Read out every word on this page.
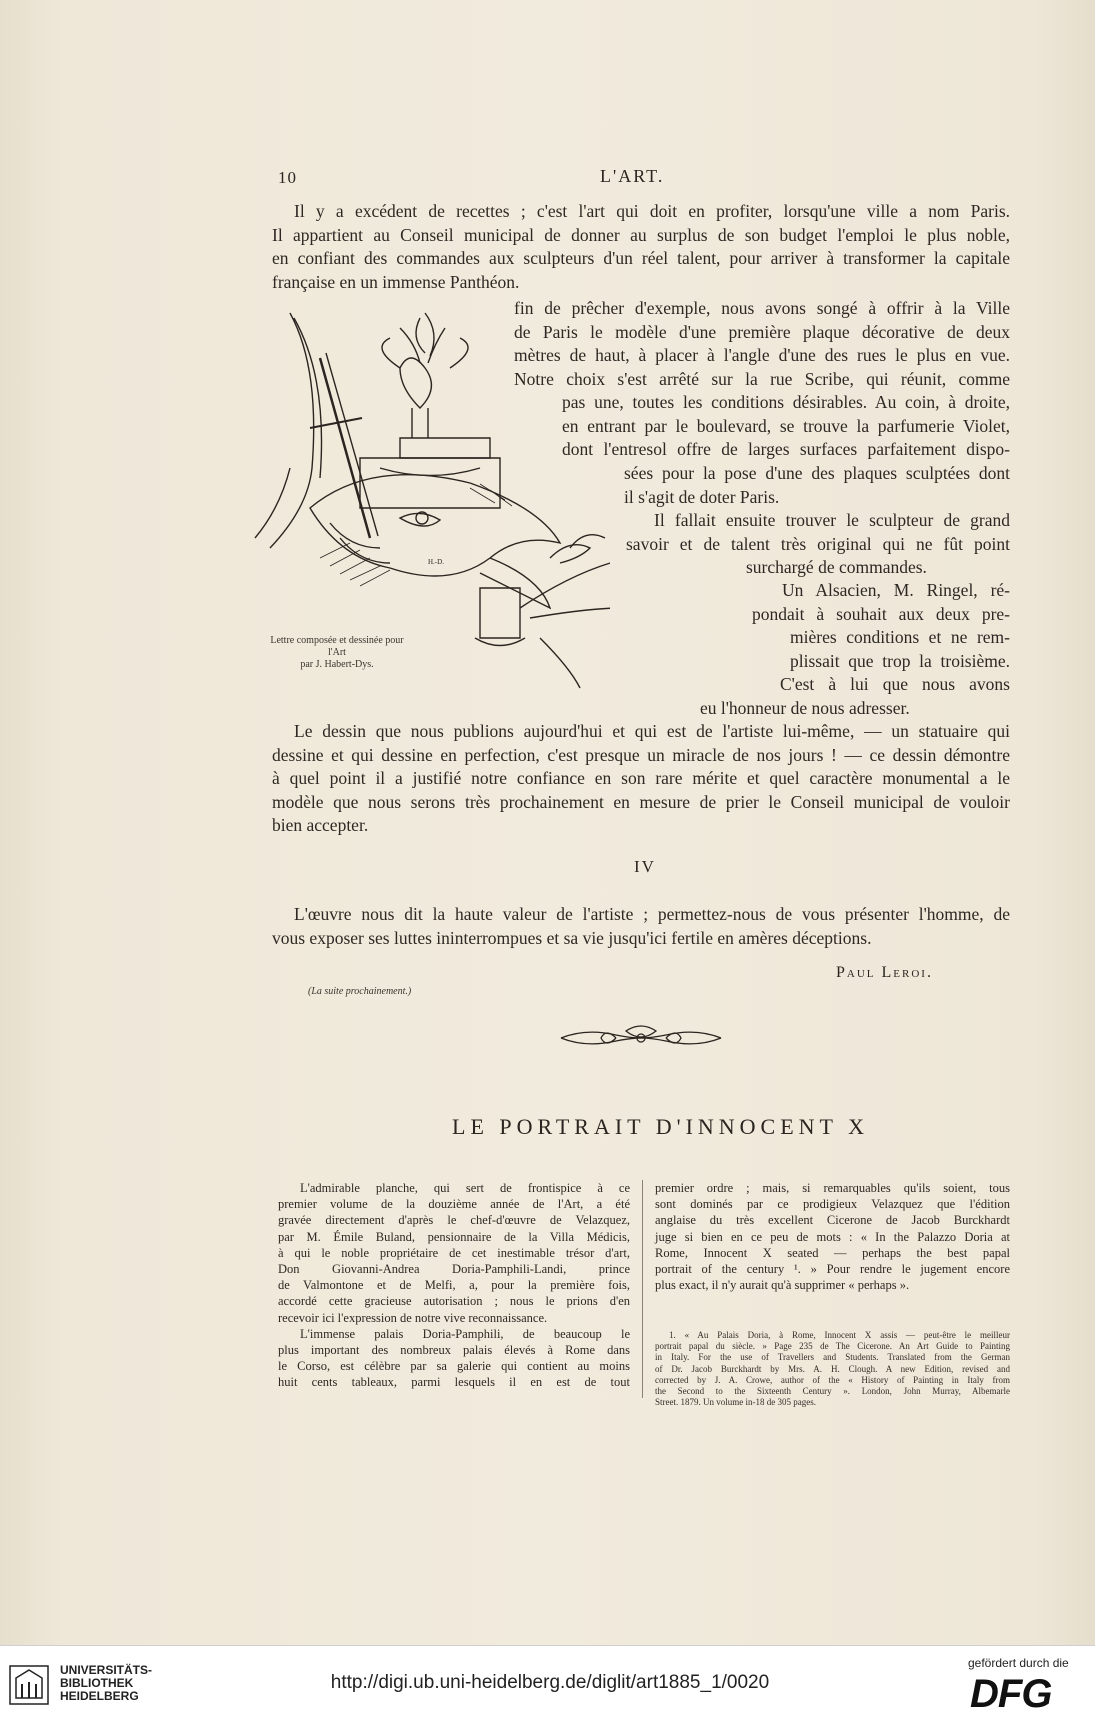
10	L'ART.
Il y a excédent de recettes ; c'est l'art qui doit en profiter, lorsqu'une ville a nom Paris.
Il appartient au Conseil municipal de donner au surplus de son budget l'emploi le plus noble,
en confiant des commandes aux sculpteurs d'un réel talent, pour arriver à transformer la capitale
française en un immense Panthéon.
H.-D.
Lettre composée et dessinée pour l'Art
par J. Habert-Dys.
fin de prêcher d'exemple, nous avons songé à offrir à la Ville
de Paris le modèle d'une première plaque décorative de deux
mètres de haut, à placer à l'angle d'une des rues le plus en vue.
Notre choix s'est arrêté sur la rue Scribe, qui réunit, comme
pas une, toutes les conditions désirables. Au coin, à droite,
en entrant par le boulevard, se trouve la parfumerie Violet,
dont l'entresol offre de larges surfaces parfaitement dispo-
sées pour la pose d'une des plaques sculptées dont
il s'agit de doter Paris.
Il fallait ensuite trouver le sculpteur de grand
savoir et de talent très original qui ne fût point
surchargé de commandes.
Un Alsacien, M. Ringel, ré-
pondait à souhait aux deux pre-
mières conditions et ne rem-
plissait que trop la troisième.
C'est à lui que nous avons
eu l'honneur de nous adresser.
Le dessin que nous publions aujourd'hui et qui est de l'artiste lui-même, — un statuaire qui
dessine et qui dessine en perfection, c'est presque un miracle de nos jours ! — ce dessin démontre
à quel point il a justifié notre confiance en son rare mérite et quel caractère monumental a le
modèle que nous serons très prochainement en mesure de prier le Conseil municipal de vouloir
bien accepter.
IV
L'œuvre nous dit la haute valeur de l'artiste ; permettez-nous de vous présenter l'homme, de
vous exposer ses luttes ininterrompues et sa vie jusqu'ici fertile en amères déceptions.
Paul Leroi.
(La suite prochainement.)
LE PORTRAIT D'INNOCENT X
L'admirable planche, qui sert de frontispice à ce
premier volume de la douzième année de l'Art, a été
gravée directement d'après le chef-d'œuvre de Velazquez,
par M. Émile Buland, pensionnaire de la Villa Médicis,
à qui le noble propriétaire de cet inestimable trésor d'art,
Don Giovanni-Andrea Doria-Pamphili-Landi, prince
de Valmontone et de Melfi, a, pour la première fois,
accordé cette gracieuse autorisation ; nous le prions d'en
recevoir ici l'expression de notre vive reconnaissance.
L'immense palais Doria-Pamphili, de beaucoup le
plus important des nombreux palais élevés à Rome dans
le Corso, est célèbre par sa galerie qui contient au moins
huit cents tableaux, parmi lesquels il en est de tout
premier ordre ; mais, si remarquables qu'ils soient, tous
sont dominés par ce prodigieux Velazquez que l'édition
anglaise du très excellent Cicerone de Jacob Burckhardt
juge si bien en ce peu de mots : « In the Palazzo Doria at
Rome, Innocent X seated — perhaps the best papal
portrait of the century ¹. » Pour rendre le jugement encore
plus exact, il n'y aurait qu'à supprimer « perhaps ».
1. « Au Palais Doria, à Rome, Innocent X assis — peut-être le meilleur
portrait papal du siècle. » Page 235 de The Cicerone. An Art Guide to Painting
in Italy. For the use of Travellers and Students. Translated from the German
of Dr. Jacob Burckhardt by Mrs. A. H. Clough. A new Edition, revised and
corrected by J. A. Crowe, author of the « History of Painting in Italy from
the Second to the Sixteenth Century ». London, John Murray, Albemarle
Street. 1879. Un volume in-18 de 305 pages.
UNIVERSITÄTS-
BIBLIOTHEK
HEIDELBERG
http://digi.ub.uni-heidelberg.de/diglit/art1885_1/0020
gefördert durch die
DFG
